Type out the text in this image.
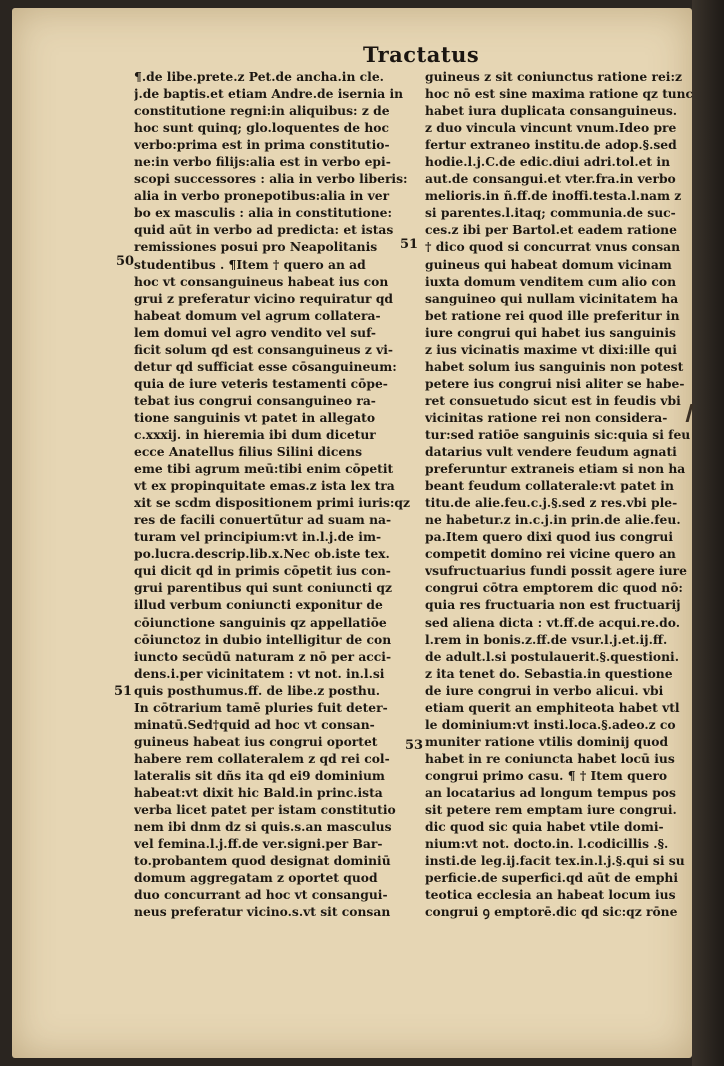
Tractatus
¶.de libe.prete.z Pet.de ancha.in cle.
j.de baptis.et etiam Andre.de isernia in
constitutione regni:in aliquibus: z de
hoc sunt quinq; glo.loquentes de hoc
verbo:prima est in prima constitutio-
ne:in verbo filijs:alia est in verbo epi-
scopi successores : alia in verbo liberis:
alia in verbo pronepotibus:alia in ver
bo ex masculis : alia in constitutione:
quid aūt in verbo ad predicta: et istas
remissiones posui pro Neapolitanis
studentibus . ¶Item † quero an ad
hoc vt consanguineus habeat ius con
grui z preferatur vicino requiratur qd
habeat domum vel agrum collatera-
lem domui vel agro vendito vel suf-
ficit solum qd est consanguineus z vi-
detur qd sufficiat esse cōsanguineum:
quia de iure veteris testamenti cōpe-
tebat ius congrui consanguineo ra-
tione sanguinis vt patet in allegato
c.xxxij. in hieremia ibi dum dicetur
ecce Anatellus filius Silini dicens
eme tibi agrum meū:tibi enim cōpetit
vt ex propinquitate emas.z ista lex tra
xit se scdm dispositionem primi iuris:qz
res de facili conuertūtur ad suam na-
turam vel principium:vt in.l.j.de im-
po.lucra.descrip.lib.x.Nec ob.iste tex.
qui dicit qd in primis cōpetit ius con-
grui parentibus qui sunt coniuncti qz
illud verbum coniuncti exponitur de
cōiunctione sanguinis qz appellatiōe
cōiunctoz in dubio intelligitur de con
iuncto secūdū naturam z nō per acci-
dens.i.per vicinitatem : vt not. in.l.si
quis posthumus.ff. de libe.z posthu.
In cōtrarium tamē pluries fuit deter-
minatū.Sed†quid ad hoc vt consan-
guineus habeat ius congrui oportet
habere rem collateralem z qd rei col-
lateralis sit dñs ita qd ei9 dominium
habeat:vt dixit hic Bald.in princ.ista
verba licet patet per istam constitutio
nem ibi dnm dz si quis.s.an masculus
vel femina.l.j.ff.de ver.signi.per Bar-
to.probantem quod designat dominiū
domum aggregatam z oportet quod
duo concurrant ad hoc vt consangui-
neus preferatur vicino.s.vt sit consan
guineus z sit coniunctus ratione rei:z
hoc nō est sine maxima ratione qz tunc
habet iura duplicata consanguineus.
z duo vincula vincunt vnum.Ideo pre
fertur extraneo institu.de adop.§.sed
hodie.l.j.C.de edic.diui adri.tol.et in
aut.de consangui.et vter.fra.in verbo
melioris.in ñ.ff.de inoffi.testa.l.nam z
si parentes.l.itaq; communia.de suc-
ces.z ibi per Bartol.et eadem ratione
† dico quod si concurrat vnus consan
guineus qui habeat domum vicinam
iuxta domum venditem cum alio con
sanguineo qui nullam vicinitatem ha
bet ratione rei quod ille preferitur in
iure congrui qui habet ius sanguinis
z ius vicinatis maxime vt dixi:ille qui
habet solum ius sanguinis non potest
petere ius congrui nisi aliter se habe-
ret consuetudo sicut est in feudis vbi
vicinitas ratione rei non considera-
tur:sed ratiōe sanguinis sic:quia si feu
datarius vult vendere feudum agnati
preferuntur extraneis etiam si non ha
beant feudum collaterale:vt patet in
titu.de alie.feu.c.j.§.sed z res.vbi ple-
ne habetur.z in.c.j.in prin.de alie.feu.
pa.Item quero dixi quod ius congrui
competit domino rei vicine quero an
vsufructuarius fundi possit agere iure
congrui cōtra emptorem dic quod nō:
quia res fructuaria non est fructuarij
sed aliena dicta : vt.ff.de acqui.re.do.
l.rem in bonis.z.ff.de vsur.l.j.et.ij.ff.
de adult.l.si postulauerit.§.questioni.
z ita tenet do. Sebastia.in questione
de iure congrui in verbo alicui. vbi
etiam querit an emphiteota habet vtl
le dominium:vt insti.loca.§.adeo.z co
muniter ratione vtilis dominij quod
habet in re coniuncta habet locū ius
congrui primo casu. ¶ † Item quero
an locatarius ad longum tempus pos
sit petere rem emptam iure congrui.
dic quod sic quia habet vtile domi-
nium:vt not. docto.in. l.codicillis .§.
insti.de leg.ij.facit tex.in.l.j.§.qui si su
perficie.de superfici.qd aūt de emphi
teotica ecclesia an habeat locum ius
congrui ꝯ emptorē.dic qd sic:qz rōne
50
51
51
53
